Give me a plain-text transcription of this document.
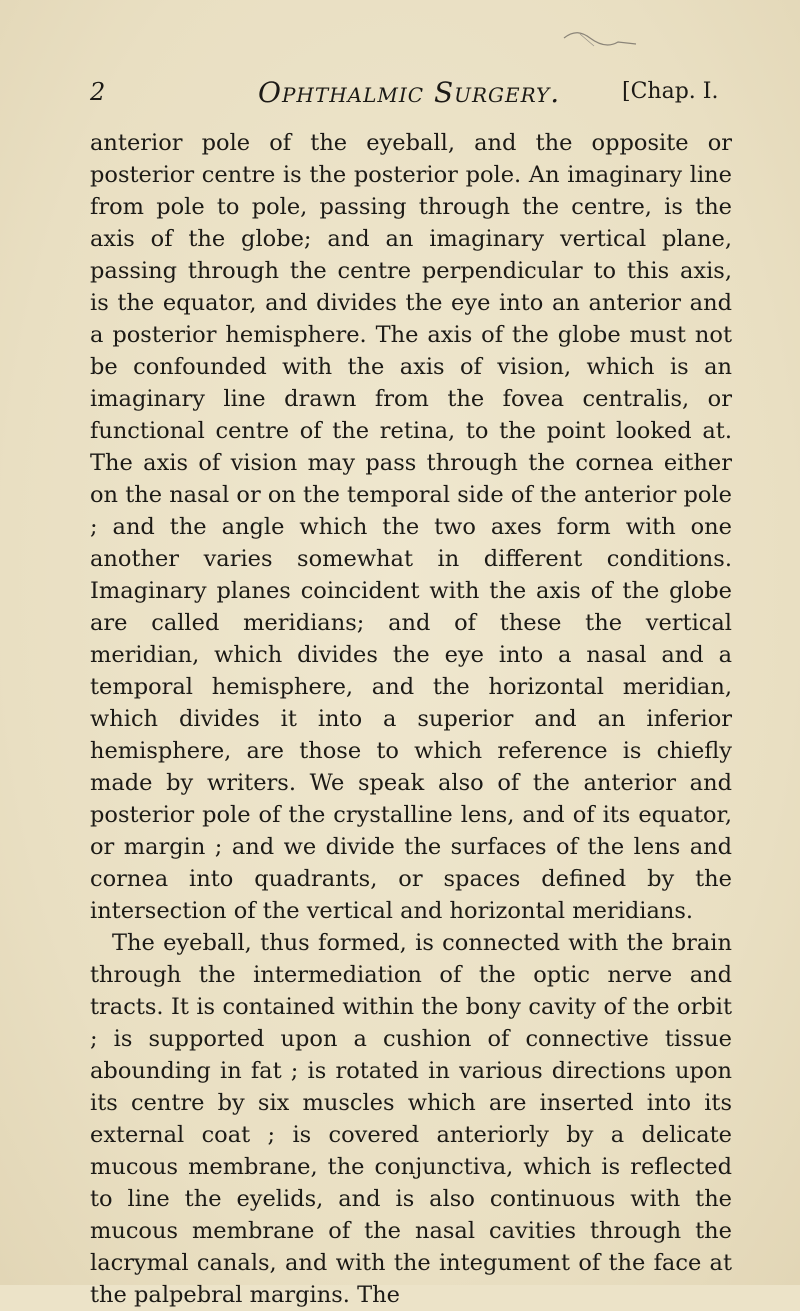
2	Ophthalmic Surgery.	[Chap. I.

anterior pole of the eyeball, and the opposite or posterior centre is the posterior pole. An imaginary line from pole to pole, passing through the centre, is the axis of the globe; and an imaginary vertical plane, passing through the centre perpendicular to this axis, is the equator, and divides the eye into an anterior and a posterior hemisphere. The axis of the globe must not be confounded with the axis of vision, which is an imaginary line drawn from the fovea centralis, or functional centre of the retina, to the point looked at. The axis of vision may pass through the cornea either on the nasal or on the temporal side of the anterior pole ; and the angle which the two axes form with one another varies somewhat in different conditions. Imaginary planes coincident with the axis of the globe are called meridians; and of these the vertical meridian, which divides the eye into a nasal and a temporal hemisphere, and the horizontal meridian, which divides it into a superior and an inferior hemisphere, are those to which reference is chiefly made by writers. We speak also of the anterior and posterior pole of the crystalline lens, and of its equator, or margin ; and we divide the surfaces of the lens and cornea into quadrants, or spaces defined by the intersection of the vertical and horizontal meridians.

The eyeball, thus formed, is connected with the brain through the intermediation of the optic nerve and tracts. It is contained within the bony cavity of the orbit ; is supported upon a cushion of connective tissue abounding in fat ; is rotated in various directions upon its centre by six muscles which are inserted into its external coat ; is covered anteriorly by a delicate mucous membrane, the conjunctiva, which is reflected to line the eyelids, and is also continuous with the mucous membrane of the nasal cavities through the lacrymal canals, and with the integument of the face at the palpebral margins. The
